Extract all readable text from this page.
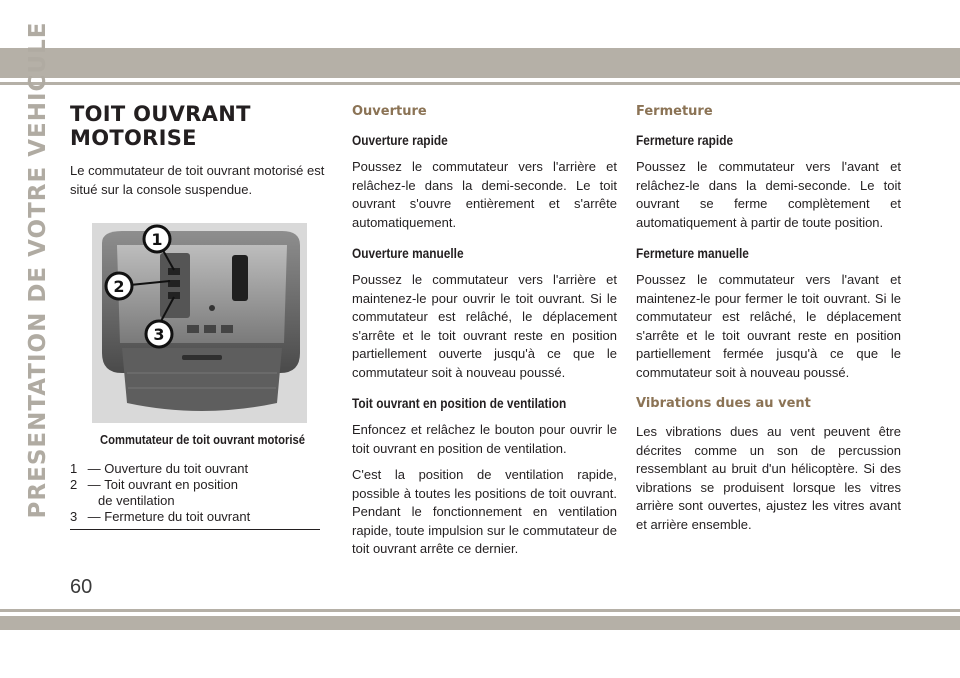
PRESENTATION DE VOTRE VEHICULE TOIT OUVRANT MOTORISE

Le commutateur de toit ouvrant motorisé est situé sur la console suspendue.

1
2
3
Commutateur de toit ouvrant motorisé
1
—
Ouverture du toit ouvrant
2
—
Toit ouvrant en position
de ventilation
3
—
Fermeture du toit ouvrant
Ouverture
Ouverture rapide

Poussez le commutateur vers l'arrière et relâchez-le dans la demi-seconde. Le toit ouvrant s'ouvre entièrement et s'arrête automatiquement.

Ouverture manuelle

Poussez le commutateur vers l'arrière et maintenez-le pour ouvrir le toit ouvrant. Si le commutateur est relâché, le déplacement s'arrête et le toit ouvrant reste en position partiellement ouverte jusqu'à ce que le commutateur soit à nouveau poussé.

Toit ouvrant en position de ventilation

Enfoncez et relâchez le bouton pour ouvrir le toit ouvrant en position de ventilation.

C'est la position de ventilation rapide, possible à toutes les positions de toit ouvrant. Pendant le fonctionnement en ventilation rapide, toute impulsion sur le commutateur de toit ouvrant arrête ce dernier.

Fermeture
Fermeture rapide

Poussez le commutateur vers l'avant et relâchez-le dans la demi-seconde. Le toit ouvrant se ferme complètement et automatiquement à partir de toute position.

Fermeture manuelle

Poussez le commutateur vers l'avant et maintenez-le pour fermer le toit ouvrant. Si le commutateur est relâché, le déplacement s'arrête et le toit ouvrant reste en position partiellement fermée jusqu'à ce que le commutateur soit à nouveau poussé.

Vibrations dues au vent

Les vibrations dues au vent peuvent être décrites comme un son de percussion ressemblant au bruit d'un hélicoptère. Si des vibrations se produisent lorsque les vitres arrière sont ouvertes, ajustez les vitres avant et arrière ensemble.

60
